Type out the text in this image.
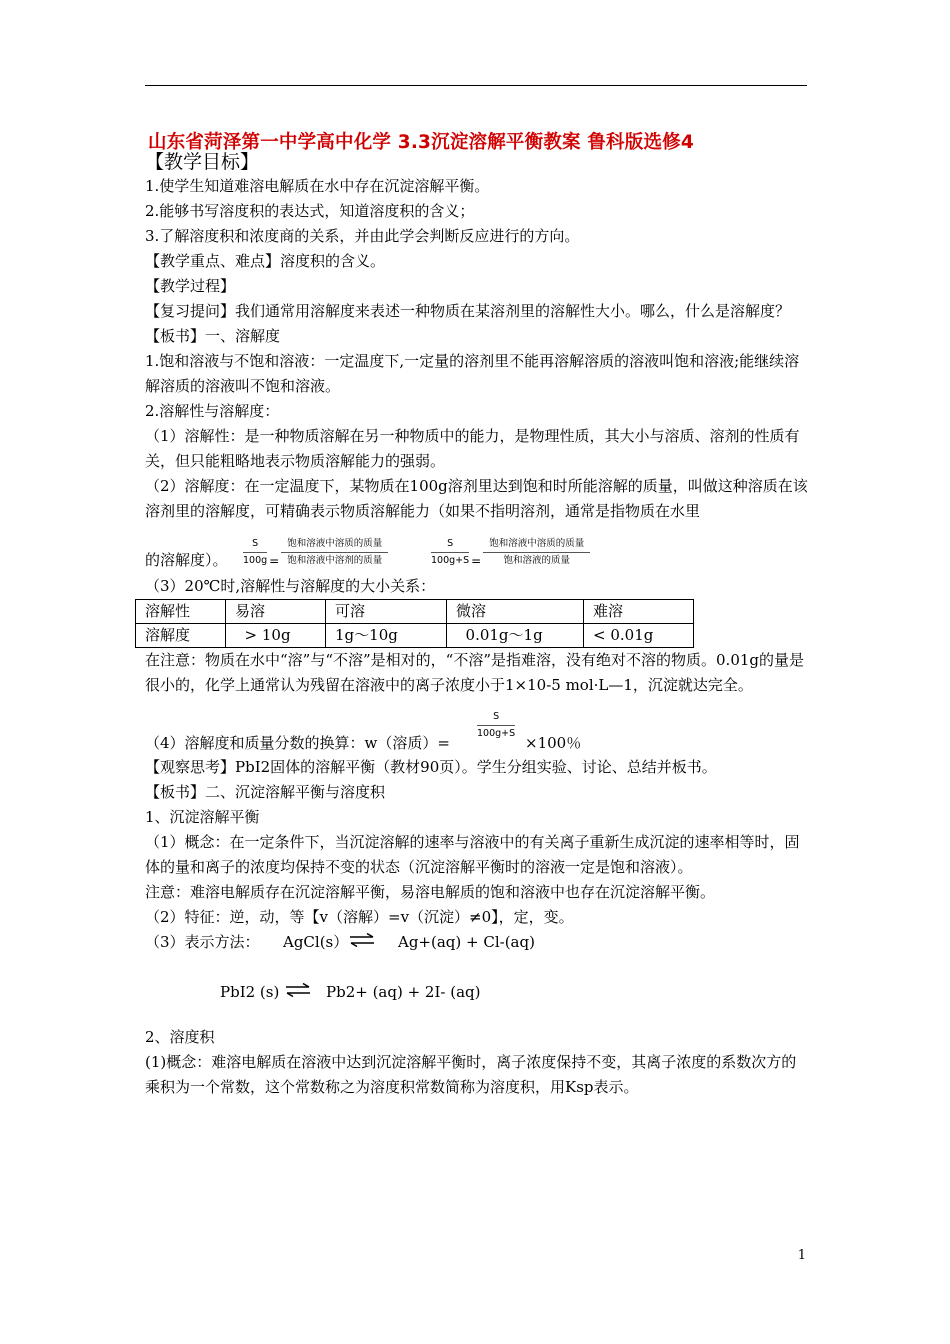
山东省菏泽第一中学高中化学 3.3沉淀溶解平衡教案 鲁科版选修4

【教学目标】

1.使学生知道难溶电解质在水中存在沉淀溶解平衡。

2.能够书写溶度积的表达式，知道溶度积的含义；

3.了解溶度积和浓度商的关系，并由此学会判断反应进行的方向。

【教学重点、难点】溶度积的含义。

【教学过程】

【复习提问】我们通常用溶解度来表述一种物质在某溶剂里的溶解性大小。哪么，什么是溶解度？

【板书】一、溶解度

1.饱和溶液与不饱和溶液：一定温度下,一定量的溶剂里不能再溶解溶质的溶液叫饱和溶液;能继续溶解溶质的溶液叫不饱和溶液。

2.溶解性与溶解度：

（1）溶解性：是一种物质溶解在另一种物质中的能力，是物理性质，其大小与溶质、溶剂的性质有关，但只能粗略地表示物质溶解能力的强弱。

（2）溶解度：在一定温度下，某物质在100g溶剂里达到饱和时所能溶解的质量，叫做这种溶质在该溶剂里的溶解度，可精确表示物质溶解能力（如果不指明溶剂，通常是指物质在水里

的溶解度）。 $\frac{S}{100g} _= \frac{\text{饱和溶液中溶质的质量}}{\text{饱和溶液中溶剂的质量}}$	$\frac{S}{100g+S} _= \frac{\text{饱和溶液中溶质的质量}}{\text{饱和溶液的质量}}$

（3）20℃时,溶解性与溶解度的大小关系：

溶解性	易溶	可溶	微溶	难溶
溶解度	> 10g	1g～10g	0.01g～1g	< 0.01g

在注意：物质在水中“溶”与“不溶”是相对的，“不溶”是指难溶，没有绝对不溶的物质。0.01g的量是很小的，化学上通常认为残留在溶液中的离子浓度小于1×10-5 mol·L—1，沉淀就达完全。

（4）溶解度和质量分数的换算：w（溶质）=
$\frac{S}{100g+S}$
×100％

【观察思考】PbI2固体的溶解平衡（教材90页）。学生分组实验、讨论、总结并板书。

【板书】二、沉淀溶解平衡与溶度积

1、沉淀溶解平衡

（1）概念：在一定条件下，当沉淀溶解的速率与溶液中的有关离子重新生成沉淀的速率相等时，固体的量和离子的浓度均保持不变的状态（沉淀溶解平衡时的溶液一定是饱和溶液）。

注意：难溶电解质存在沉淀溶解平衡，易溶电解质的饱和溶液中也存在沉淀溶解平衡。

（2）特征：逆，动，等【v（溶解）=v（沉淀）≠0】，定，变。

（3）表示方法： AgCl(s） ⇌ Ag+(aq) + Cl-(aq)
PbI2 (s) ⇌ Pb2+ (aq) + 2I- (aq)

2、溶度积

(1)概念：难溶电解质在溶液中达到沉淀溶解平衡时，离子浓度保持不变，其离子浓度的系数次方的乘积为一个常数，这个常数称之为溶度积常数简称为溶度积，用Ksp表示。

1
